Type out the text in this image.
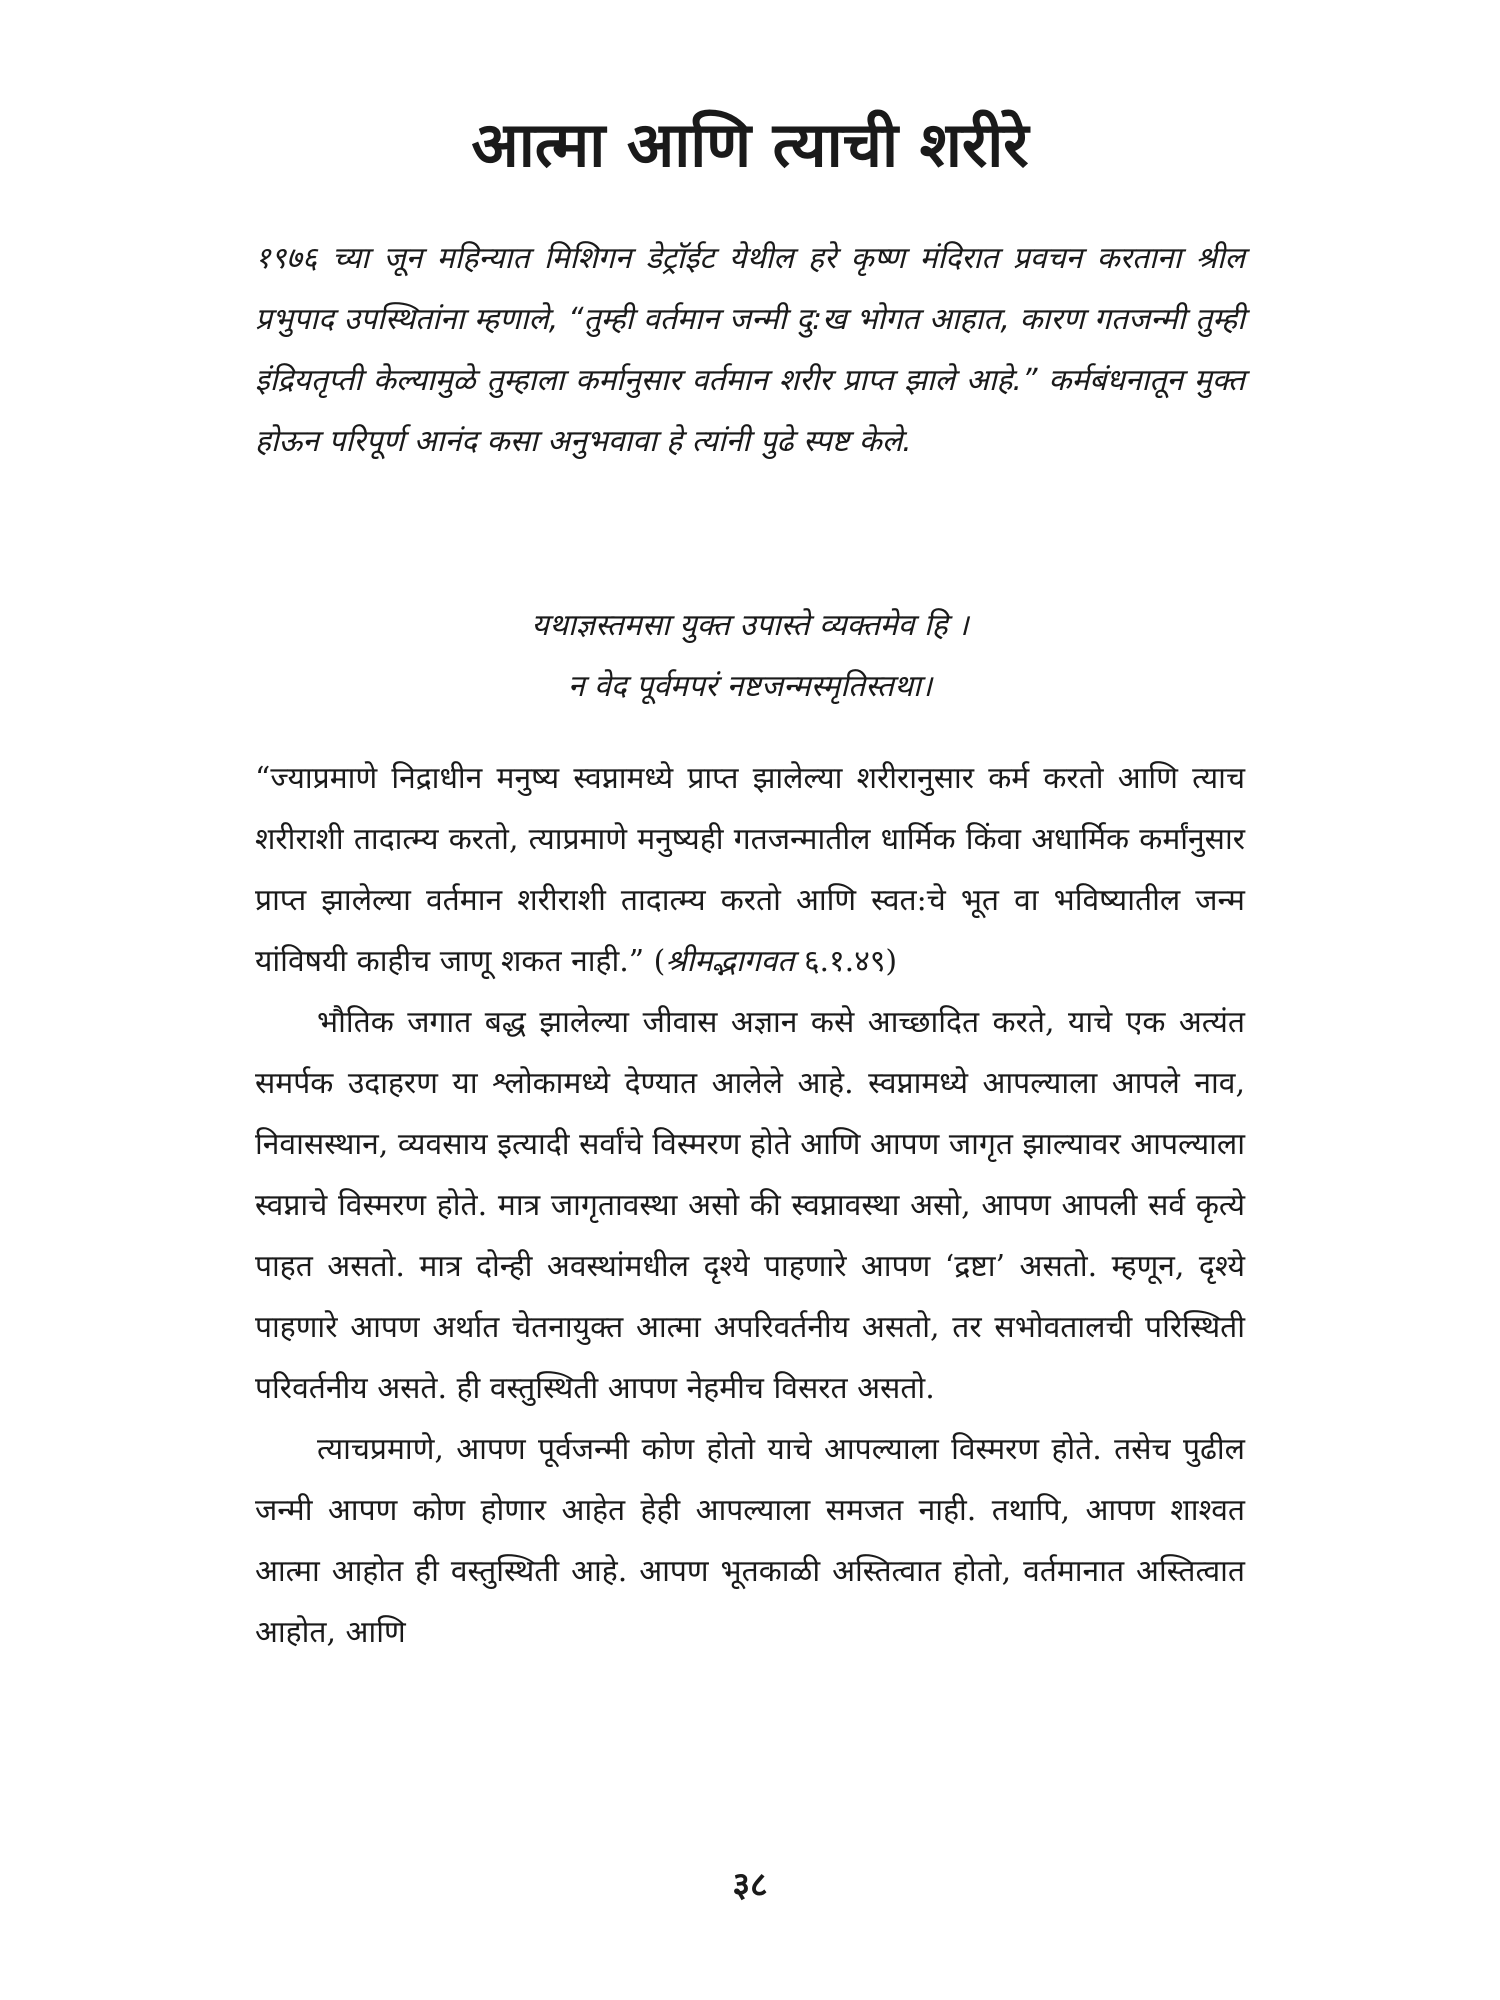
आत्मा आणि त्याची शरीरे
१९७६ च्या जून महिन्यात मिशिगन डेट्रॉईट येथील हरे कृष्ण मंदिरात प्रवचन करताना श्रील प्रभुपाद उपस्थितांना म्हणाले, “तुम्ही वर्तमान जन्मी दु:ख भोगत आहात, कारण गतजन्मी तुम्ही इंद्रियतृप्ती केल्यामुळे तुम्हाला कर्मानुसार वर्तमान शरीर प्राप्त झाले आहे.” कर्मबंधनातून मुक्त होऊन परिपूर्ण आनंद कसा अनुभवावा हे त्यांनी पुढे स्पष्ट केले.
यथाज्ञस्तमसा युक्त उपास्ते व्यक्तमेव हि ।
न वेद पूर्वमपरं नष्टजन्मस्मृतिस्तथा।

“ज्याप्रमाणे निद्राधीन मनुष्य स्वप्नामध्ये प्राप्त झालेल्या शरीरानुसार कर्म करतो आणि त्याच शरीराशी तादात्म्य करतो, त्याप्रमाणे मनुष्यही गतजन्मातील धार्मिक किंवा अधार्मिक कर्मांनुसार प्राप्त झालेल्या वर्तमान शरीराशी तादात्म्य करतो आणि स्वत:चे भूत वा भविष्यातील जन्म यांविषयी काहीच जाणू शकत नाही.” (श्रीमद्भागवत ६.१.४९)

भौतिक जगात बद्ध झालेल्या जीवास अज्ञान कसे आच्छादित करते, याचे एक अत्यंत समर्पक उदाहरण या श्लोकामध्ये देण्यात आलेले आहे. स्वप्नामध्ये आपल्याला आपले नाव, निवासस्थान, व्यवसाय इत्यादी सर्वांचे विस्मरण होते आणि आपण जागृत झाल्यावर आपल्याला स्वप्नाचे विस्मरण होते. मात्र जागृतावस्था असो की स्वप्नावस्था असो, आपण आपली सर्व कृत्ये पाहत असतो. मात्र दोन्ही अवस्थांमधील दृश्ये पाहणारे आपण ‘द्रष्टा’ असतो. म्हणून, दृश्ये पाहणारे आपण अर्थात चेतनायुक्त आत्मा अपरिवर्तनीय असतो, तर सभोवतालची परिस्थिती परिवर्तनीय असते. ही वस्तुस्थिती आपण नेहमीच विसरत असतो.

त्याचप्रमाणे, आपण पूर्वजन्मी कोण होतो याचे आपल्याला विस्मरण होते. तसेच पुढील जन्मी आपण कोण होणार आहेत हेही आपल्याला समजत नाही. तथापि, आपण शाश्वत आत्मा आहोत ही वस्तुस्थिती आहे. आपण भूतकाळी अस्तित्वात होतो, वर्तमानात अस्तित्वात आहोत, आणि

३८
